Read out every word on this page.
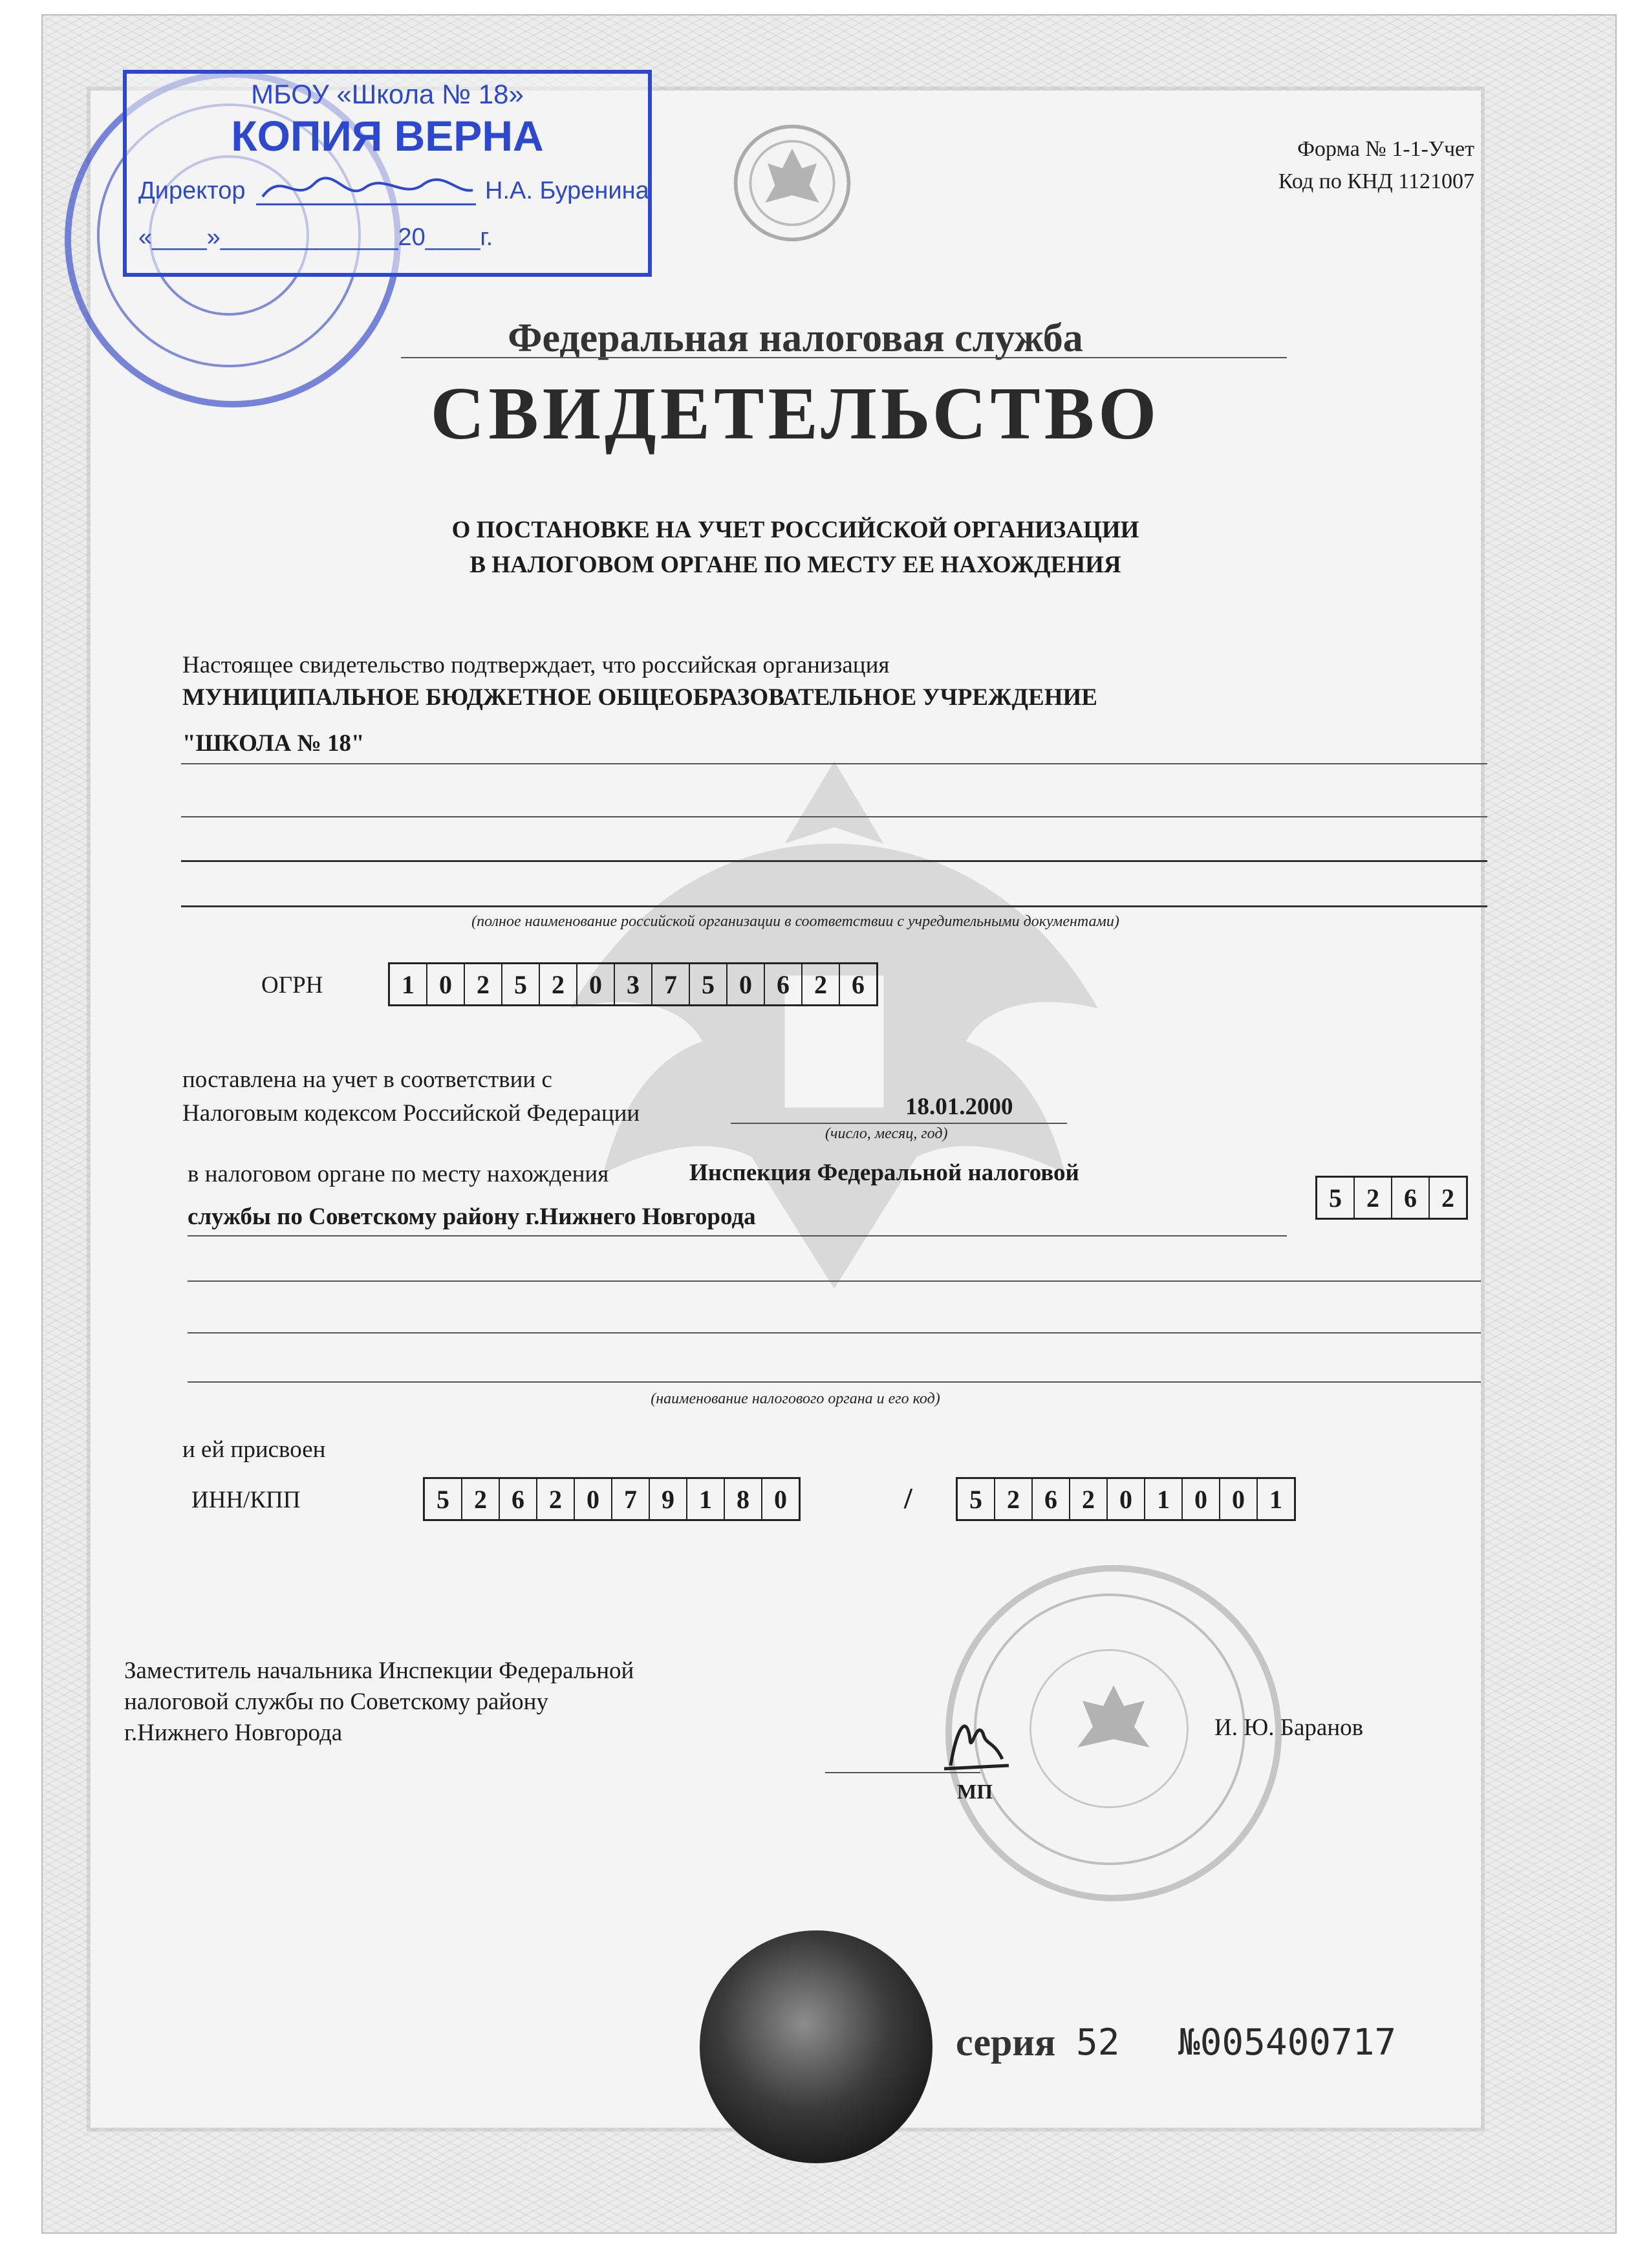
Форма № 1-1-Учет
Код по КНД 1121007
Федеральная налоговая служба
СВИДЕТЕЛЬСТВО
О ПОСТАНОВКЕ НА УЧЕТ РОССИЙСКОЙ ОРГАНИЗАЦИИ
В НАЛОГОВОМ ОРГАНЕ ПО МЕСТУ ЕЕ НАХОЖДЕНИЯ
Настоящее свидетельство подтверждает, что российская организация
МУНИЦИПАЛЬНОЕ БЮДЖЕТНОЕ ОБЩЕОБРАЗОВАТЕЛЬНОЕ УЧРЕЖДЕНИЕ
"ШКОЛА № 18"
(полное наименование российской организации в соответствии с учредительными документами)
ОГРН	1 0 2 5 2 0 3 7 5 0 6 2 6
поставлена на учет в соответствии с
Налоговым кодексом Российской Федерации	18.01.2000
(число, месяц, год)
в налоговом органе по месту нахождения	Инспекция Федеральной налоговой
службы по Советскому району г.Нижнего Новгорода
5 2 6 2
(наименование налогового органа и его код)
и ей присвоен
ИНН/КПП	5 2 6 2 0 7 9 1 8 0	/	5 2 6 2 0 1 0 0 1
Заместитель начальника Инспекции Федеральной
налоговой службы по Советскому району
г.Нижнего Новгорода
МП
И. Ю. Баранов
серия 52 №005400717
МБОУ «Школа № 18»
КОПИЯ ВЕРНА
Директор	Н.А. Буренина
«____»_____________20____г.
